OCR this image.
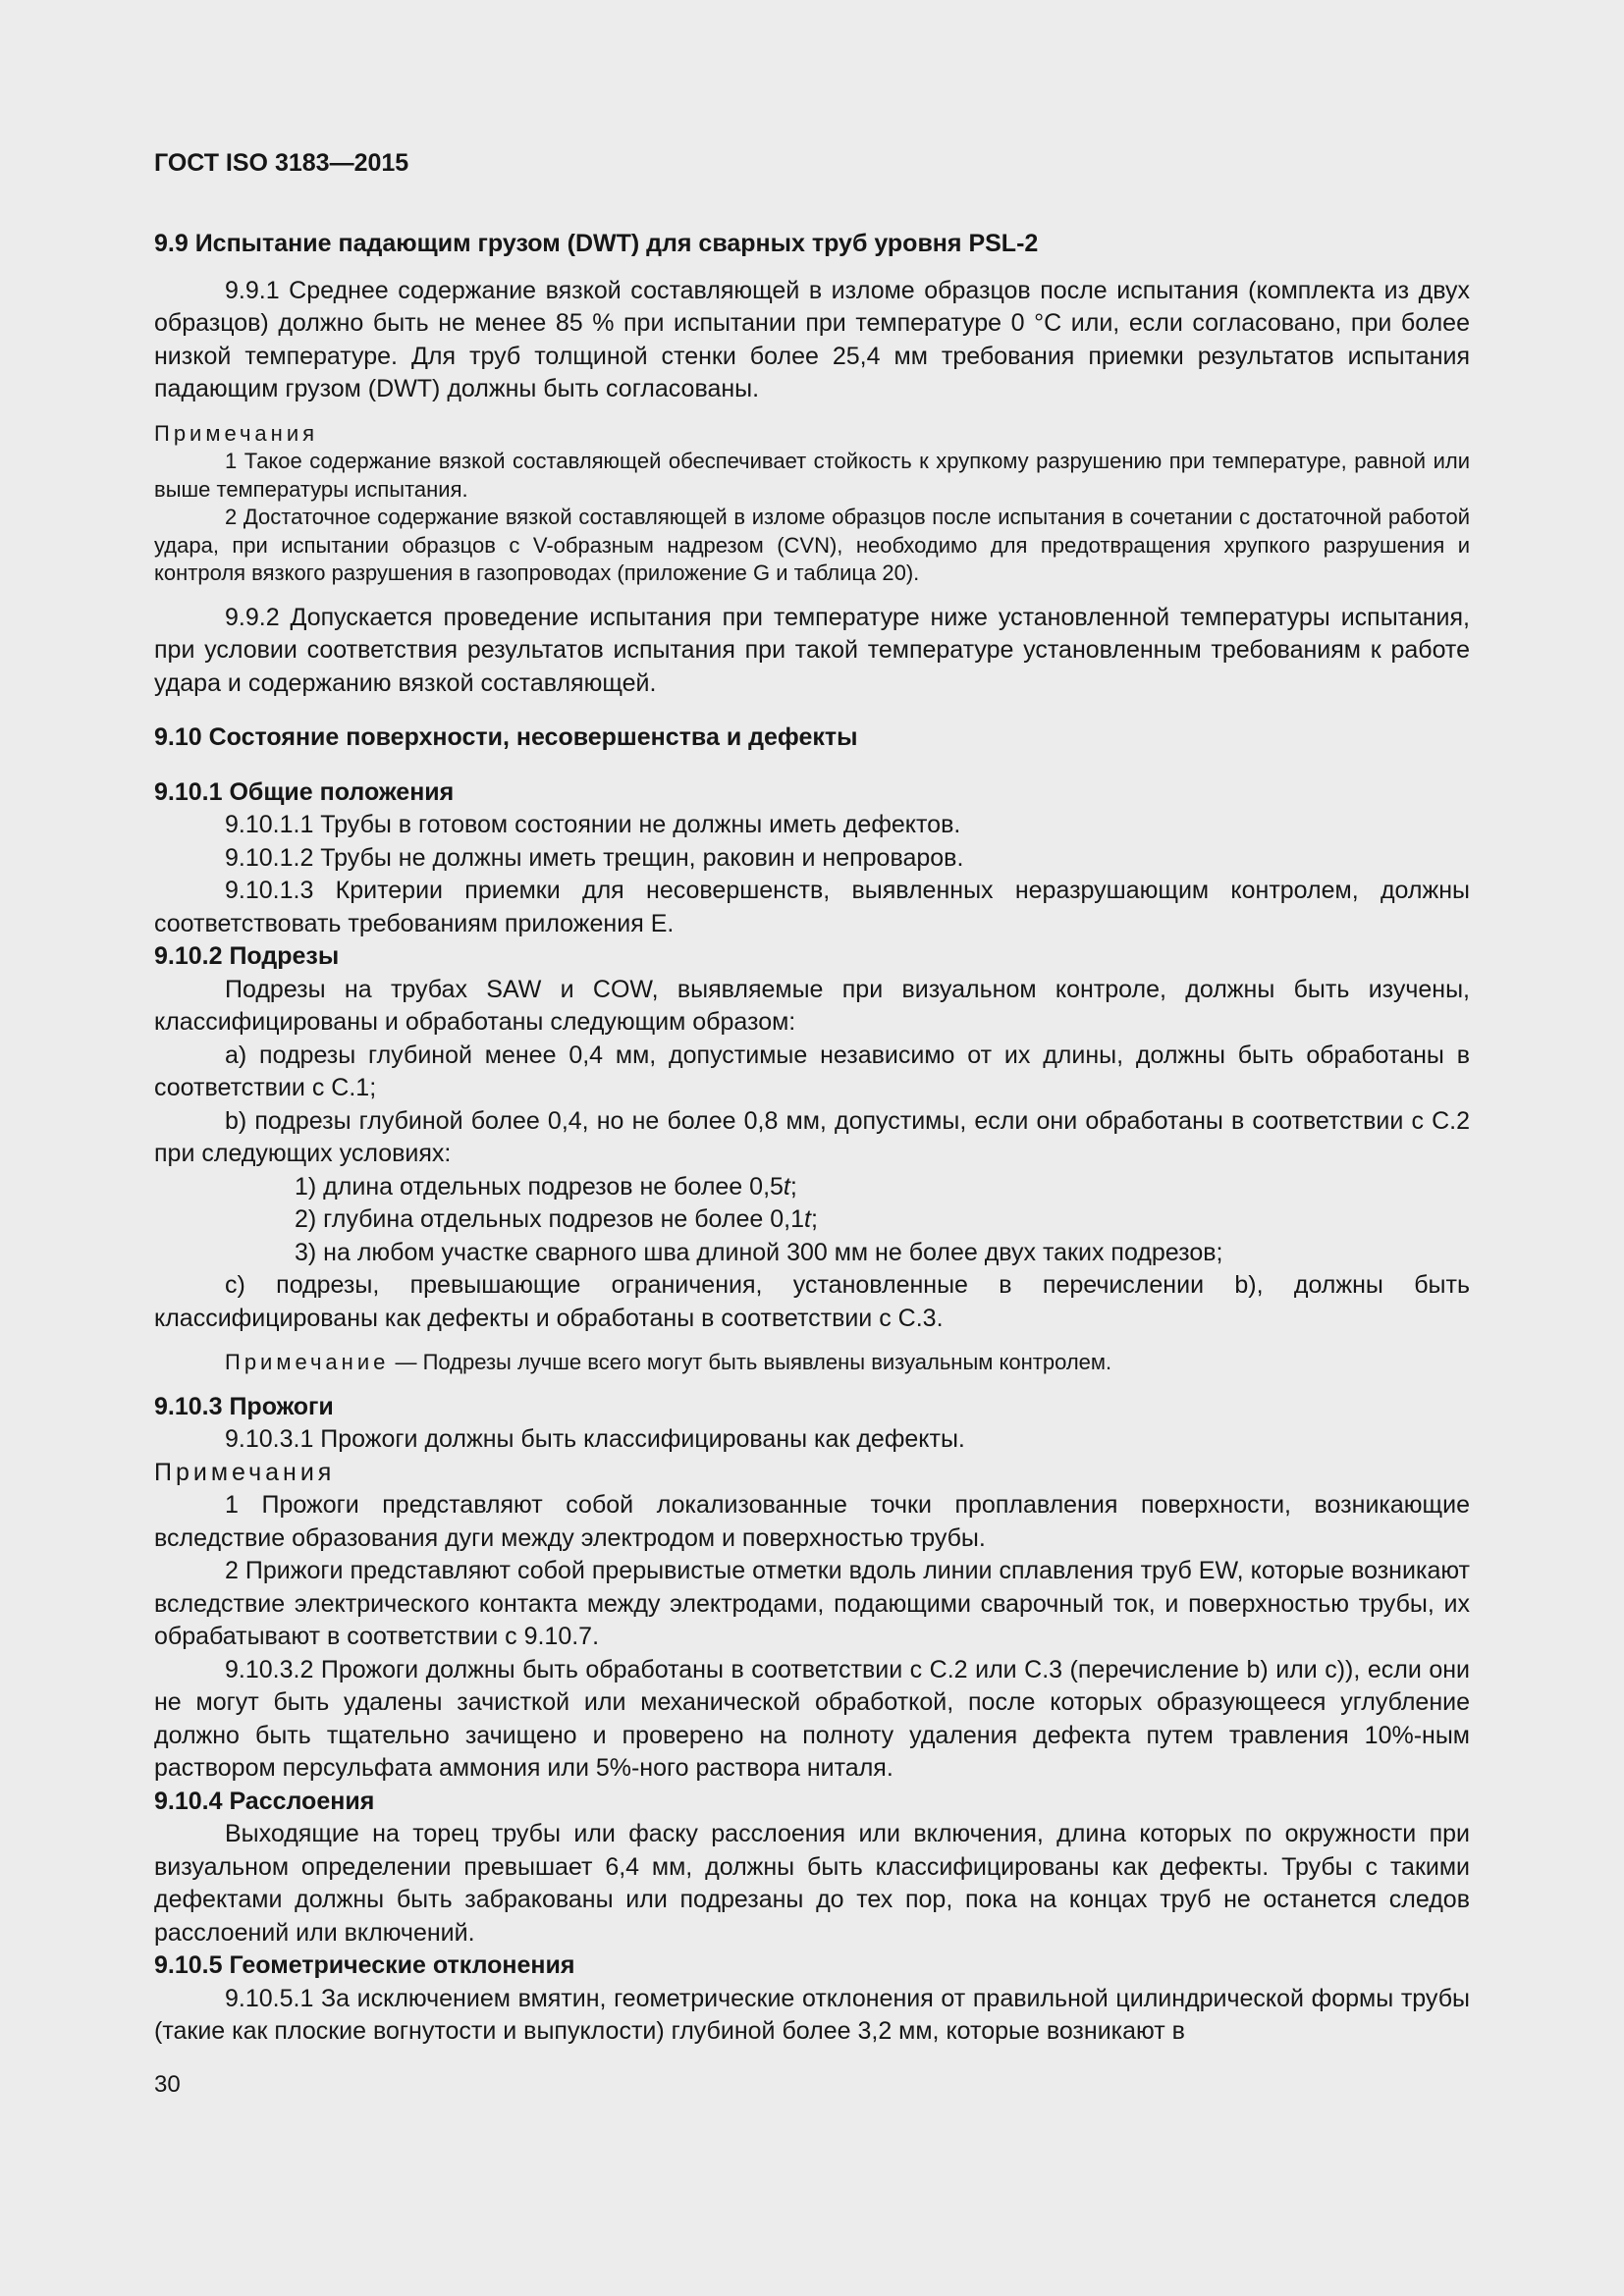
ГОСТ ISO 3183—2015

9.9 Испытание падающим грузом (DWT) для сварных труб уровня PSL-2

9.9.1 Среднее содержание вязкой составляющей в изломе образцов после испытания (комплекта из двух образцов) должно быть не менее 85 % при испытании при температуре 0 °С или, если согласовано, при более низкой температуре. Для труб толщиной стенки более 25,4 мм требования приемки результатов испытания падающим грузом (DWT) должны быть согласованы.

Примечания

1 Такое содержание вязкой составляющей обеспечивает стойкость к хрупкому разрушению при температуре, равной или выше температуры испытания.

2 Достаточное содержание вязкой составляющей в изломе образцов после испытания в сочетании с достаточной работой удара, при испытании образцов с V-образным надрезом (CVN), необходимо для предотвращения хрупкого разрушения и контроля вязкого разрушения в газопроводах (приложение G и таблица 20).

9.9.2 Допускается проведение испытания при температуре ниже установленной температуры испытания, при условии соответствия результатов испытания при такой температуре установленным требованиям к работе удара и содержанию вязкой составляющей.

9.10 Состояние поверхности, несовершенства и дефекты

9.10.1 Общие положения

9.10.1.1 Трубы в готовом состоянии не должны иметь дефектов.

9.10.1.2 Трубы не должны иметь трещин, раковин и непроваров.

9.10.1.3 Критерии приемки для несовершенств, выявленных неразрушающим контролем, должны соответствовать требованиям приложения Е.

9.10.2 Подрезы

Подрезы на трубах SAW и COW, выявляемые при визуальном контроле, должны быть изучены, классифицированы и обработаны следующим образом:

а) подрезы глубиной менее 0,4 мм, допустимые независимо от их длины, должны быть обработаны в соответствии с С.1;

b) подрезы глубиной более 0,4, но не более 0,8 мм, допустимы, если они обработаны в соответствии с С.2 при следующих условиях:

1) длина отдельных подрезов не более 0,5t;

2) глубина отдельных подрезов не более 0,1t;

3) на любом участке сварного шва длиной 300 мм не более двух таких подрезов;

с) подрезы, превышающие ограничения, установленные в перечислении b), должны быть классифицированы как дефекты и обработаны в соответствии с С.3.

Примечание — Подрезы лучше всего могут быть выявлены визуальным контролем.

9.10.3 Прожоги

9.10.3.1 Прожоги должны быть классифицированы как дефекты.

Примечания

1 Прожоги представляют собой локализованные точки проплавления поверхности, возникающие вследствие образования дуги между электродом и поверхностью трубы.

2 Прижоги представляют собой прерывистые отметки вдоль линии сплавления труб EW, которые возникают вследствие электрического контакта между электродами, подающими сварочный ток, и поверхностью трубы, их обрабатывают в соответствии с 9.10.7.

9.10.3.2 Прожоги должны быть обработаны в соответствии с С.2 или С.3 (перечисление b) или с)), если они не могут быть удалены зачисткой или механической обработкой, после которых образующееся углубление должно быть тщательно зачищено и проверено на полноту удаления дефекта путем травления 10%-ным раствором персульфата аммония или 5%-ного раствора ниталя.

9.10.4 Расслоения

Выходящие на торец трубы или фаску расслоения или включения, длина которых по окружности при визуальном определении превышает 6,4 мм, должны быть классифицированы как дефекты. Трубы с такими дефектами должны быть забракованы или подрезаны до тех пор, пока на концах труб не останется следов расслоений или включений.

9.10.5 Геометрические отклонения

9.10.5.1 За исключением вмятин, геометрические отклонения от правильной цилиндрической формы трубы (такие как плоские вогнутости и выпуклости) глубиной более 3,2 мм, которые возникают в

30
